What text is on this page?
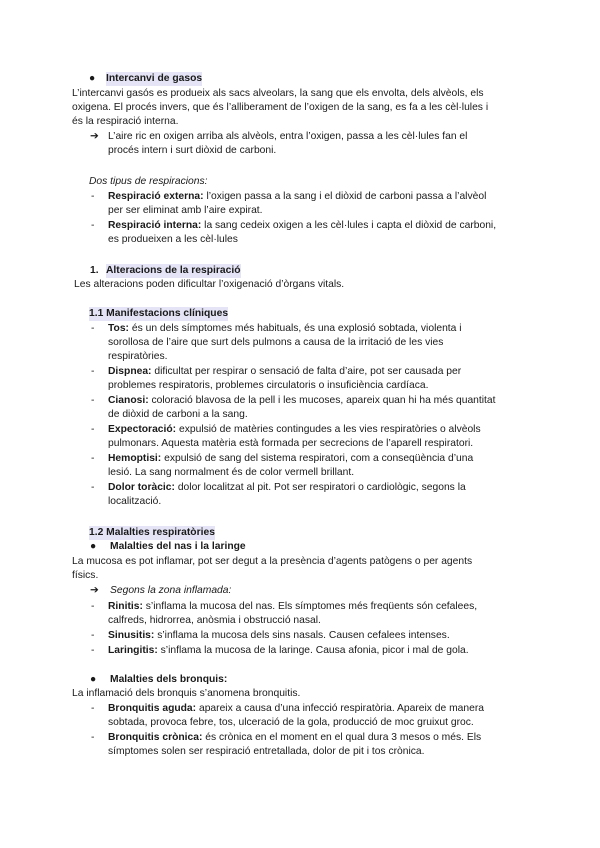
● Intercanvi de gasos
L’intercanvi gasós es produeix als sacs alveolars, la sang que els envolta, dels alvèols, els
oxigena. El procés invers, que és l’alliberament de l’oxigen de la sang, es fa a les cèl·lules i
és la respiració interna.
➔ L’aire ric en oxigen arriba als alvèols, entra l’oxigen, passa a les cèl·lules fan el
procés intern i surt diòxid de carboni.
Dos tipus de respiracions:
- Respiració externa: l’oxigen passa a la sang i el diòxid de carboni passa a l’alvèol
per ser eliminat amb l’aire expirat.
- Respiració interna: la sang cedeix oxigen a les cèl·lules i capta el diòxid de carboni,
es produeixen a les cèl·lules
1. Alteracions de la respiració
Les alteracions poden dificultar l’oxigenació d’òrgans vitals.
1.1 Manifestacions clíniques
- Tos: és un dels símptomes més habituals, és una explosió sobtada, violenta i
sorollosa de l’aire que surt dels pulmons a causa de la irritació de les vies
respiratòries.
- Dispnea: dificultat per respirar o sensació de falta d’aire, pot ser causada per
problemes respiratoris, problemes circulatoris o insuficiència cardíaca.
- Cianosi: coloració blavosa de la pell i les mucoses, apareix quan hi ha més quantitat
de diòxid de carboni a la sang.
- Expectoració: expulsió de matèries contingudes a les vies respiratòries o alvèols
pulmonars. Aquesta matèria està formada per secrecions de l’aparell respiratori.
- Hemoptisi: expulsió de sang del sistema respiratori, com a conseqüència d’una
lesió. La sang normalment és de color vermell brillant.
- Dolor toràcic: dolor localitzat al pit. Pot ser respiratori o cardiològic, segons la
localització.
1.2 Malalties respiratòries
● Malalties del nas i la laringe
La mucosa es pot inflamar, pot ser degut a la presència d’agents patògens o per agents
físics.
➔ Segons la zona inflamada:
- Rinitis: s’inflama la mucosa del nas. Els símptomes més freqüents són cefalees,
calfreds, hidrorrea, anòsmia i obstrucció nasal.
- Sinusitis: s’inflama la mucosa dels sins nasals. Causen cefalees intenses.
- Laringitis: s’inflama la mucosa de la laringe. Causa afonia, picor i mal de gola.
● Malalties dels bronquis:
La inflamació dels bronquis s’anomena bronquitis.
- Bronquitis aguda: apareix a causa d’una infecció respiratòria. Apareix de manera
sobtada, provoca febre, tos, ulceració de la gola, producció de moc gruixut groc.
- Bronquitis crònica: és crònica en el moment en el qual dura 3 mesos o més. Els
símptomes solen ser respiració entretallada, dolor de pit i tos crònica.
